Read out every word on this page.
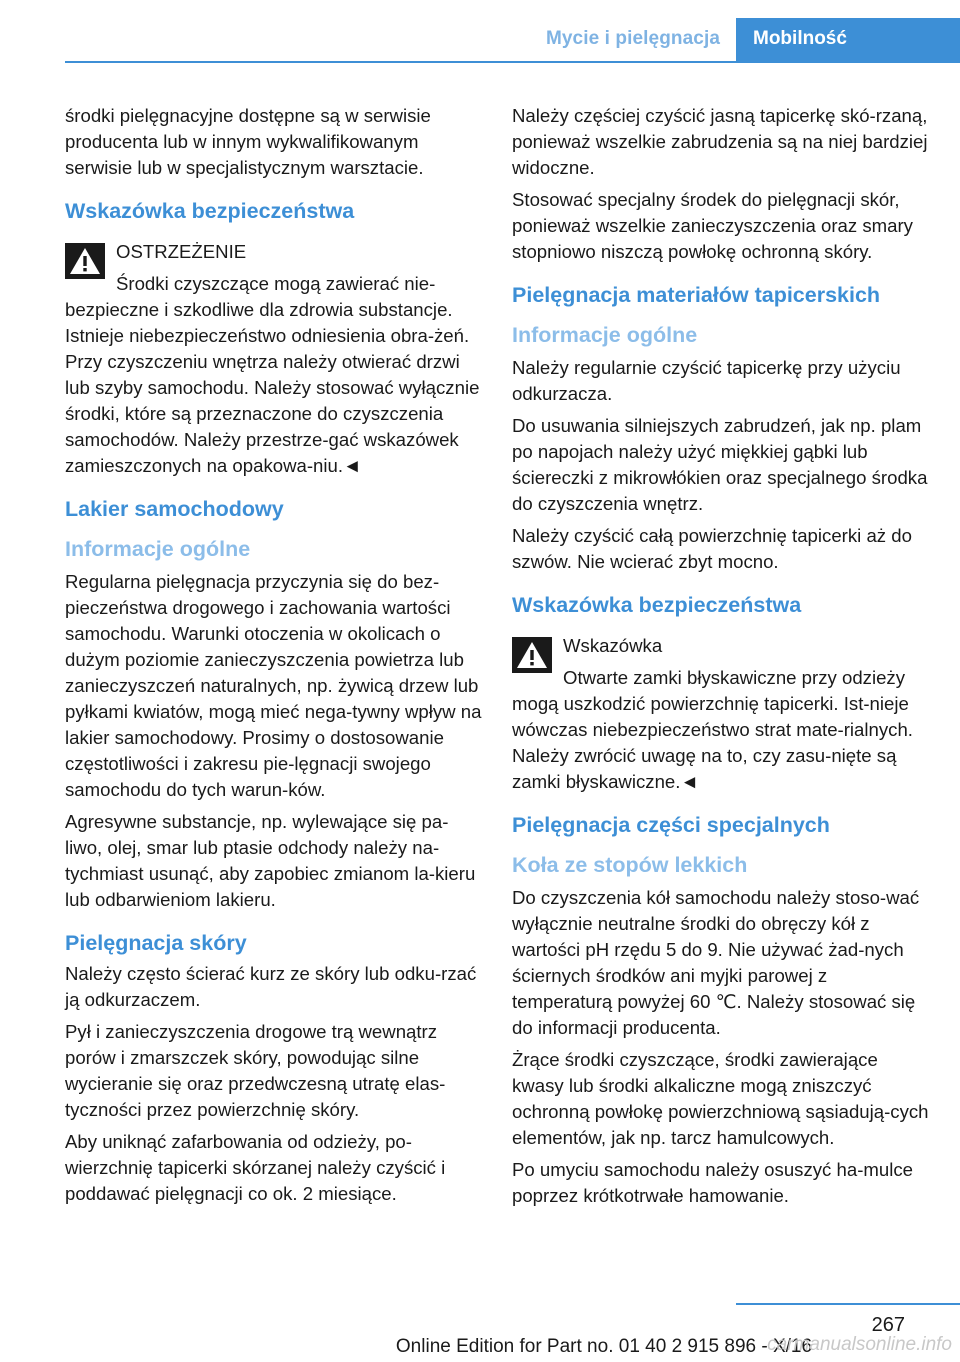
Mycie i pielęgnacja	Mobilność

środki pielęgnacyjne dostępne są w serwisie producenta lub w innym wykwalifikowanym serwisie lub w specjalistycznym warsztacie.

Wskazówka bezpieczeństwa
OSTRZEŻENIE
Środki czyszczące mogą zawierać nie-
bezpieczne i szkodliwe dla zdrowia substancje. Istnieje niebezpieczeństwo odniesienia obra-żeń. Przy czyszczeniu wnętrza należy otwierać drzwi lub szyby samochodu. Należy stosować wyłącznie środki, które są przeznaczone do czyszczenia samochodów. Należy przestrze-gać wskazówek zamieszczonych na opakowa-niu.◄
Lakier samochodowy
Informacje ogólne

Regularna pielęgnacja przyczynia się do bez-pieczeństwa drogowego i zachowania wartości samochodu. Warunki otoczenia w okolicach o dużym poziomie zanieczyszczenia powietrza lub zanieczyszczeń naturalnych, np. żywicą drzew lub pyłkami kwiatów, mogą mieć nega-tywny wpływ na lakier samochodowy. Prosimy o dostosowanie częstotliwości i zakresu pie-lęgnacji swojego samochodu do tych warun-ków.

Agresywne substancje, np. wylewające się pa-liwo, olej, smar lub ptasie odchody należy na-tychmiast usunąć, aby zapobiec zmianom la-kieru lub odbarwieniom lakieru.

Pielęgnacja skóry

Należy często ścierać kurz ze skóry lub odku-rzać ją odkurzaczem.

Pył i zanieczyszczenia drogowe trą wewnątrz porów i zmarszczek skóry, powodując silne wycieranie się oraz przedwczesną utratę elas-tyczności przez powierzchnię skóry.

Aby uniknąć zafarbowania od odzieży, po-wierzchnię tapicerki skórzanej należy czyścić i poddawać pielęgnacji co ok. 2 miesiące.

Należy częściej czyścić jasną tapicerkę skó-rzaną, ponieważ wszelkie zabrudzenia są na niej bardziej widoczne.

Stosować specjalny środek do pielęgnacji skór, ponieważ wszelkie zanieczyszczenia oraz smary stopniowo niszczą powłokę ochronną skóry.

Pielęgnacja materiałów tapicerskich
Informacje ogólne

Należy regularnie czyścić tapicerkę przy użyciu odkurzacza.

Do usuwania silniejszych zabrudzeń, jak np. plam po napojach należy użyć miękkiej gąbki lub ściereczki z mikrowłókien oraz specjalnego środka do czyszczenia wnętrz.

Należy czyścić całą powierzchnię tapicerki aż do szwów. Nie wcierać zbyt mocno.

Wskazówka bezpieczeństwa
Wskazówka
Otwarte zamki błyskawiczne przy odzieży
mogą uszkodzić powierzchnię tapicerki. Ist-nieje wówczas niebezpieczeństwo strat mate-rialnych. Należy zwrócić uwagę na to, czy zasu-nięte są zamki błyskawiczne.◄
Pielęgnacja części specjalnych
Koła ze stopów lekkich

Do czyszczenia kół samochodu należy stoso-wać wyłącznie neutralne środki do obręczy kół z wartości pH rzędu 5 do 9. Nie używać żad-nych ściernych środków ani myjki parowej z temperaturą powyżej 60 ℃. Należy stosować się do informacji producenta.

Żrące środki czyszczące, środki zawierające kwasy lub środki alkaliczne mogą zniszczyć ochronną powłokę powierzchniową sąsiadują-cych elementów, jak np. tarcz hamulcowych.

Po umyciu samochodu należy osuszyć ha-mulce poprzez krótkotrwałe hamowanie.

267
Online Edition for Part no. 01 40 2 915 896 - X/16
carmanualsonline.info
